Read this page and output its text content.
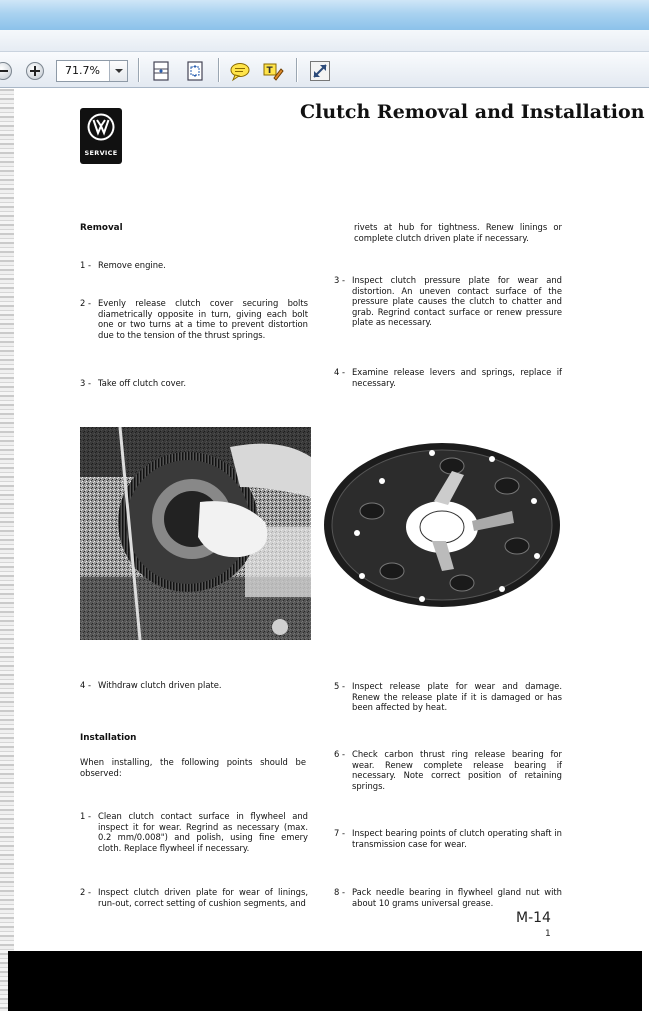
71.7%	T
SERVICE
Clutch Removal and Installation
Removal
1 - Remove engine.
2 - Evenly release clutch cover securing bolts diametrically opposite in turn, giving each bolt one or two turns at a time to prevent distortion due to the tension of the thrust springs.
3 - Take off clutch cover.
rivets at hub for tightness. Renew linings or complete clutch driven plate if necessary.
3 - Inspect clutch pressure plate for wear and distortion. An uneven contact surface of the pressure plate causes the clutch to chatter and grab. Regrind contact surface or renew pressure plate as necessary.
4 - Examine release levers and springs, replace if necessary.
4 - Withdraw clutch driven plate.
Installation
When installing, the following points should be observed:
1 - Clean clutch contact surface in flywheel and inspect it for wear. Regrind as necessary (max. 0.2 mm/0.008") and polish, using fine emery cloth. Replace flywheel if necessary.
2 - Inspect clutch driven plate for wear of linings, run-out, correct setting of cushion segments, and
5 - Inspect release plate for wear and damage. Renew the release plate if it is damaged or has been affected by heat.
6 - Check carbon thrust ring release bearing for wear. Renew complete release bearing if necessary. Note correct position of retaining springs.
7 - Inspect bearing points of clutch operating shaft in transmission case for wear.
8 - Pack needle bearing in flywheel gland nut with about 10 grams universal grease.
M-14
1
